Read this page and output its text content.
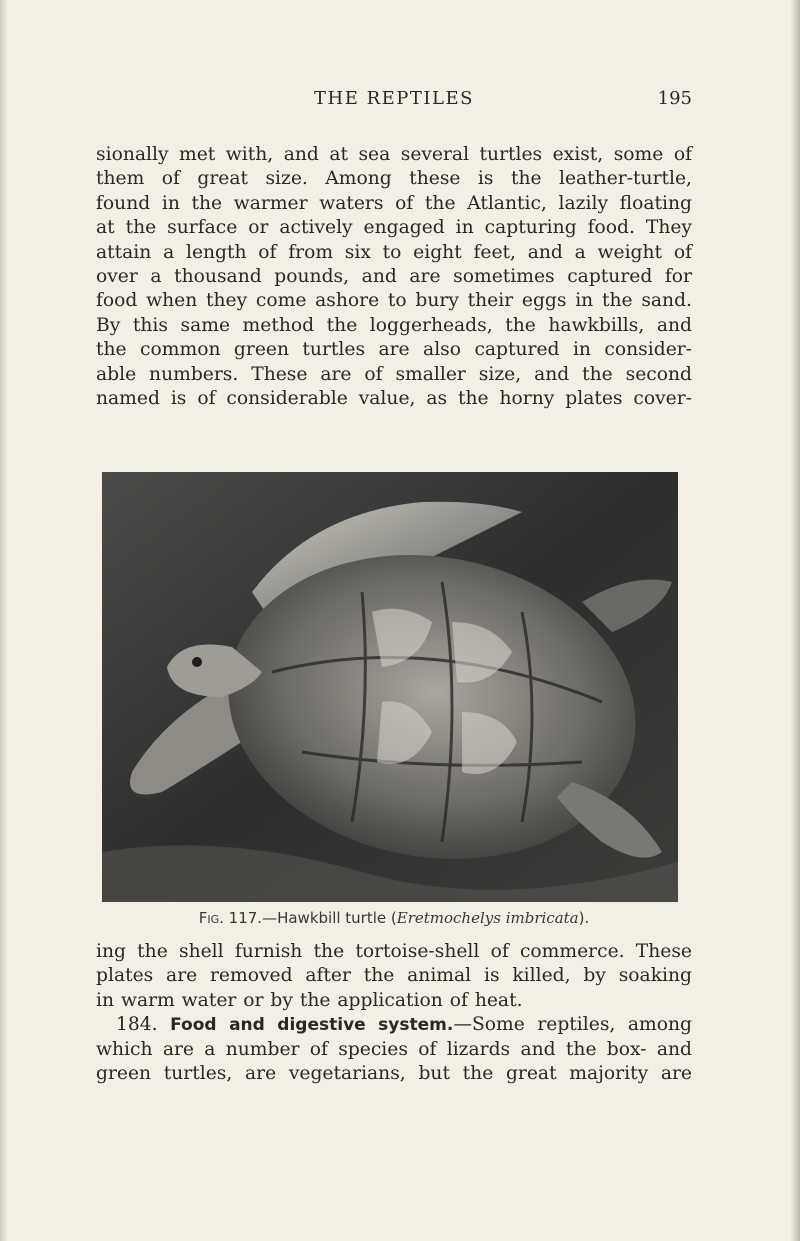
THE REPTILES	195
sionally met with, and at sea several turtles exist, some of
them of great size. Among these is the leather-turtle,
found in the warmer waters of the Atlantic, lazily floating
at the surface or actively engaged in capturing food. They
attain a length of from six to eight feet, and a weight of
over a thousand pounds, and are sometimes captured for
food when they come ashore to bury their eggs in the sand.
By this same method the loggerheads, the hawkbills, and
the common green turtles are also captured in consider-
able numbers. These are of smaller size, and the second
named is of considerable value, as the horny plates cover-
Fig. 117.—Hawkbill turtle (Eretmochelys imbricata).
ing the shell furnish the tortoise-shell of commerce. These
plates are removed after the animal is killed, by soaking
in warm water or by the application of heat.
184. Food and digestive system.—Some reptiles, among
which are a number of species of lizards and the box- and
green turtles, are vegetarians, but the great majority are
